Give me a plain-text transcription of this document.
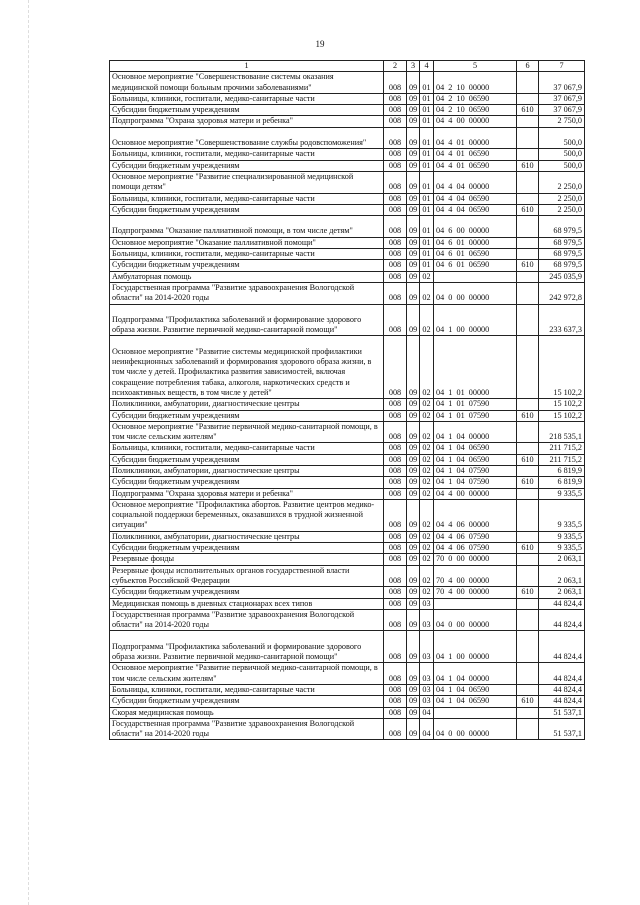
19
1	2	3	4	5	6	7
Основное мероприятие "Совершенствование системы оказания медицинской помощи больным прочими заболеваниями"	008	09	01	04  2  10  00000		37 067,9
Больницы, клиники, госпитали, медико-санитарные части	008	09	01	04  2  10  06590		37 067,9
Субсидии бюджетным учреждениям	008	09	01	04  2  10  06590	610	37 067,9
Подпрограмма "Охрана здоровья матери и ребенка"	008	09	01	04  4  00  00000		2 750,0
Основное мероприятие "Совершенствование службы родовспоможения"	008	09	01	04  4  01  00000		500,0
Больницы, клиники, госпитали, медико-санитарные части	008	09	01	04  4  01  06590		500,0
Субсидии бюджетным учреждениям	008	09	01	04  4  01  06590	610	500,0
Основное мероприятие "Развитие специализированной медицинской помощи детям"	008	09	01	04  4  04  00000		2 250,0
Больницы, клиники, госпитали, медико-санитарные части	008	09	01	04  4  04  06590		2 250,0
Субсидии бюджетным учреждениям	008	09	01	04  4  04  06590	610	2 250,0
Подпрограмма "Оказание паллиативной помощи, в том числе детям"	008	09	01	04  6  00  00000		68 979,5
Основное мероприятие "Оказание паллиативной помощи"	008	09	01	04  6  01  00000		68 979,5
Больницы, клиники, госпитали, медико-санитарные части	008	09	01	04  6  01  06590		68 979,5
Субсидии бюджетным учреждениям	008	09	01	04  6  01  06590	610	68 979,5
Амбулаторная помощь	008	09	02			245 035,9
Государственная программа "Развитие здравоохранения Вологодской области" на 2014-2020 годы	008	09	02	04  0  00  00000		242 972,8
Подпрограмма "Профилактика заболеваний и формирование здорового образа жизни. Развитие первичной медико-санитарной помощи"	008	09	02	04  1  00  00000		233 637,3
Основное мероприятие "Развитие системы медицинской профилактики неинфекционных заболеваний и формирования здорового образа жизни, в том числе у детей. Профилактика развития зависимостей, включая сокращение потребления табака, алкоголя, наркотических средств и психоактивных веществ, в том числе у детей"	008	09	02	04  1  01  00000		15 102,2
Поликлиники, амбулатории, диагностические центры	008	09	02	04  1  01  07590		15 102,2
Субсидии бюджетным учреждениям	008	09	02	04  1  01  07590	610	15 102,2
Основное мероприятие "Развитие первичной медико-санитарной помощи, в том числе сельским жителям"	008	09	02	04  1  04  00000		218 535,1
Больницы, клиники, госпитали, медико-санитарные части	008	09	02	04  1  04  06590		211 715,2
Субсидии бюджетным учреждениям	008	09	02	04  1  04  06590	610	211 715,2
Поликлиники, амбулатории, диагностические центры	008	09	02	04  1  04  07590		6 819,9
Субсидии бюджетным учреждениям	008	09	02	04  1  04  07590	610	6 819,9
Подпрограмма "Охрана здоровья матери и ребенка"	008	09	02	04  4  00  00000		9 335,5
Основное мероприятие "Профилактика абортов. Развитие центров медико-социальной поддержки беременных, оказавшихся в трудной жизненной ситуации"	008	09	02	04  4  06  00000		9 335,5
Поликлиники, амбулатории, диагностические центры	008	09	02	04  4  06  07590		9 335,5
Субсидии бюджетным учреждениям	008	09	02	04  4  06  07590	610	9 335,5
Резервные фонды	008	09	02	70  0  00  00000		2 063,1
Резервные фонды исполнительных органов государственной власти субъектов Российской Федерации	008	09	02	70  4  00  00000		2 063,1
Субсидии бюджетным учреждениям	008	09	02	70  4  00  00000	610	2 063,1
Медицинская помощь в дневных стационарах всех типов	008	09	03			44 824,4
Государственная программа "Развитие здравоохранения Вологодской области" на 2014-2020 годы	008	09	03	04  0  00  00000		44 824,4
Подпрограмма "Профилактика заболеваний и формирование здорового образа жизни. Развитие первичной медико-санитарной помощи"	008	09	03	04  1  00  00000		44 824,4
Основное мероприятие "Развитие первичной медико-санитарной помощи, в том числе сельским жителям"	008	09	03	04  1  04  00000		44 824,4
Больницы, клиники, госпитали, медико-санитарные части	008	09	03	04  1  04  06590		44 824,4
Субсидии бюджетным учреждениям	008	09	03	04  1  04  06590	610	44 824,4
Скорая медицинская помощь	008	09	04			51 537,1
Государственная программа "Развитие здравоохранения Вологодской области" на 2014-2020 годы	008	09	04	04  0  00  00000		51 537,1
